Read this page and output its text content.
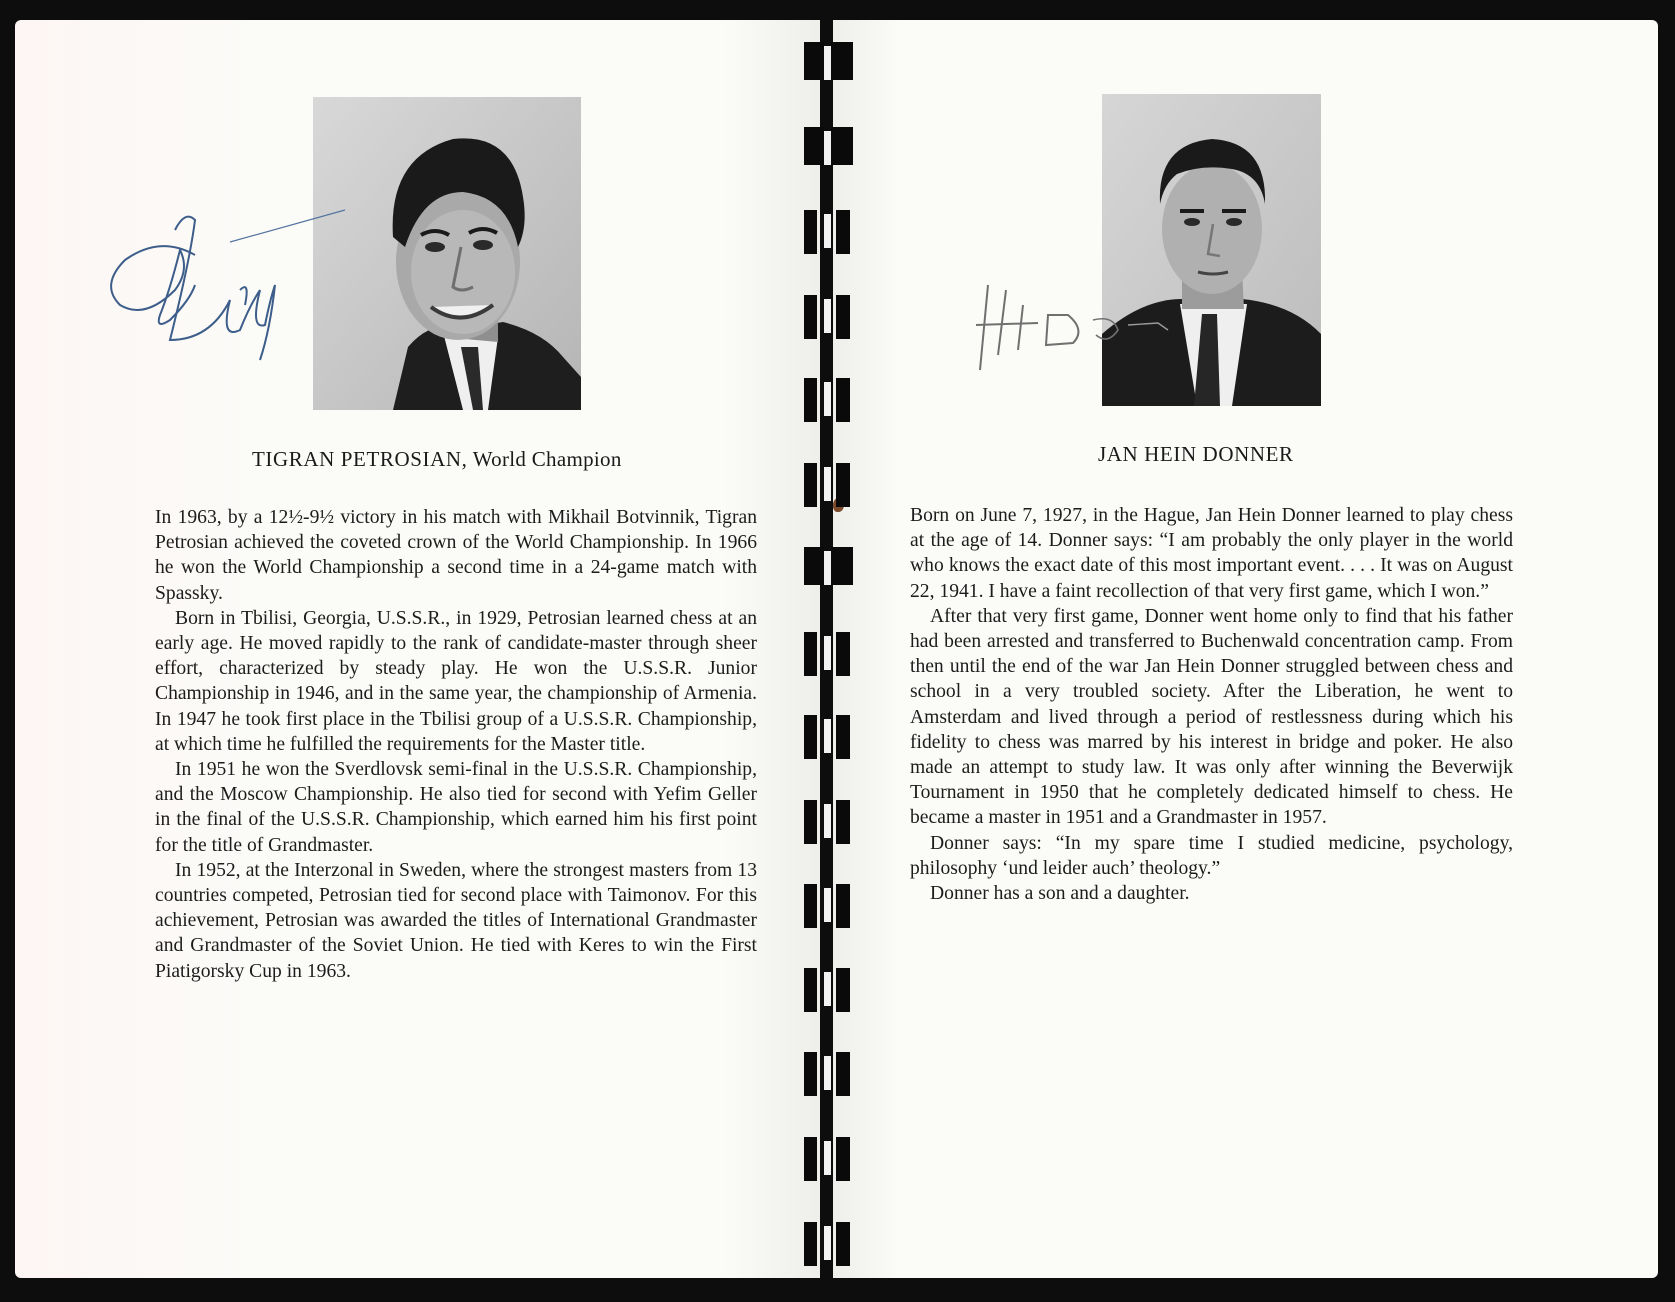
TIGRAN PETROSIAN, World Champion

In 1963, by a 12½-9½ victory in his match with Mikhail Botvinnik, Tigran Petrosian achieved the coveted crown of the World Championship. In 1966 he won the World Championship a second time in a 24-game match with Spassky.

Born in Tbilisi, Georgia, U.S.S.R., in 1929, Petrosian learned chess at an early age. He moved rapidly to the rank of candidate-master through sheer effort, characterized by steady play. He won the U.S.S.R. Junior Championship in 1946, and in the same year, the championship of Armenia. In 1947 he took first place in the Tbilisi group of a U.S.S.R. Championship, at which time he fulfilled the requirements for the Master title.

In 1951 he won the Sverdlovsk semi-final in the U.S.S.R. Championship, and the Moscow Championship. He also tied for second with Yefim Geller in the final of the U.S.S.R. Championship, which earned him his first point for the title of Grandmaster.

In 1952, at the Interzonal in Sweden, where the strongest masters from 13 countries competed, Petrosian tied for second place with Taimonov. For this achievement, Petrosian was awarded the titles of International Grandmaster and Grandmaster of the Soviet Union. He tied with Keres to win the First Piatigorsky Cup in 1963.

JAN HEIN DONNER

Born on June 7, 1927, in the Hague, Jan Hein Donner learned to play chess at the age of 14. Donner says: “I am probably the only player in the world who knows the exact date of this most important event. . . . It was on August 22, 1941. I have a faint recollection of that very first game, which I won.”

After that very first game, Donner went home only to find that his father had been arrested and transferred to Buchenwald concentration camp. From then until the end of the war Jan Hein Donner struggled between chess and school in a very troubled society. After the Liberation, he went to Amsterdam and lived through a period of restlessness during which his fidelity to chess was marred by his interest in bridge and poker. He also made an attempt to study law. It was only after winning the Beverwijk Tournament in 1950 that he completely dedicated himself to chess. He became a master in 1951 and a Grandmaster in 1957.

Donner says: “In my spare time I studied medicine, psychology, philosophy ‘und leider auch’ theology.”

Donner has a son and a daughter.
